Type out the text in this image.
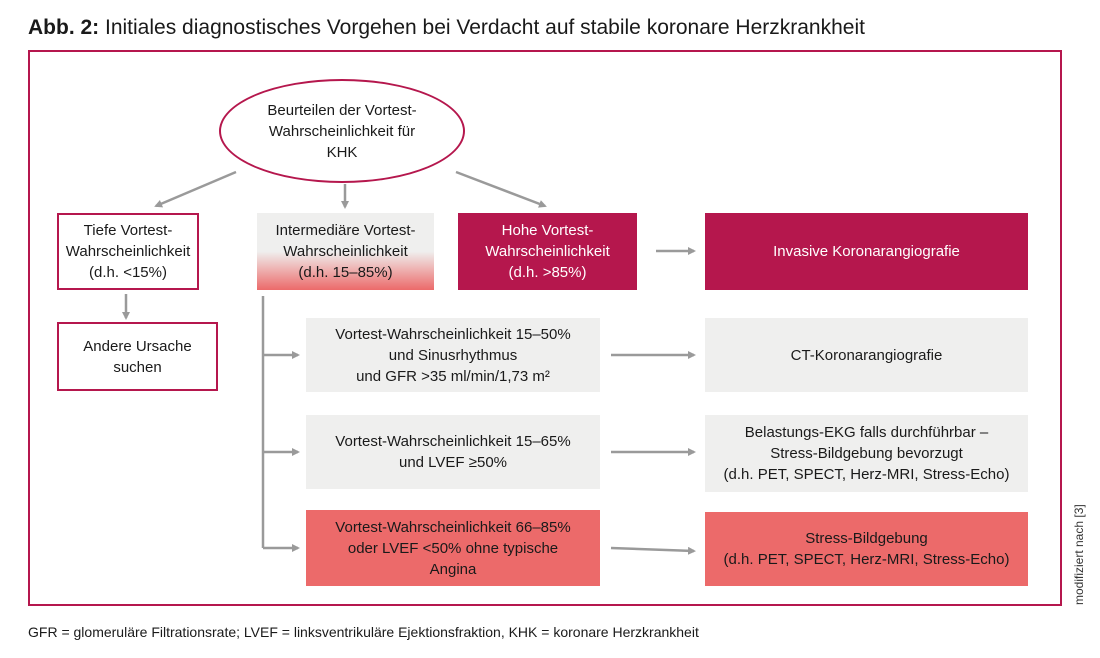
Abb. 2: Initiales diagnostisches Vorgehen bei Verdacht auf stabile koronare Herzkrankheit
Beurteilen der Vortest-
Wahrscheinlichkeit für
KHK
Tiefe Vortest-
Wahrscheinlichkeit
(d.h. <15%)
Intermediäre Vortest-
Wahrscheinlichkeit
(d.h. 15–85%)
Hohe Vortest-
Wahrscheinlichkeit
(d.h. >85%)
Invasive Koronarangiografie
Andere Ursache
suchen
Vortest-Wahrscheinlichkeit 15–50%
und Sinusrhythmus
und GFR >35 ml/min/1,73 m²
CT-Koronarangiografie
Vortest-Wahrscheinlichkeit 15–65%
und LVEF ≥50%
Belastungs-EKG falls durchführbar –
Stress-Bildgebung bevorzugt
(d.h. PET, SPECT, Herz-MRI, Stress-Echo)
Vortest-Wahrscheinlichkeit 66–85%
oder LVEF <50% ohne typische
Angina
Stress-Bildgebung
(d.h. PET, SPECT, Herz-MRI, Stress-Echo)
GFR = glomeruläre Filtrationsrate; LVEF = linksventrikuläre Ejektionsfraktion, KHK = koronare Herzkrankheit
modifiziert nach [3]
